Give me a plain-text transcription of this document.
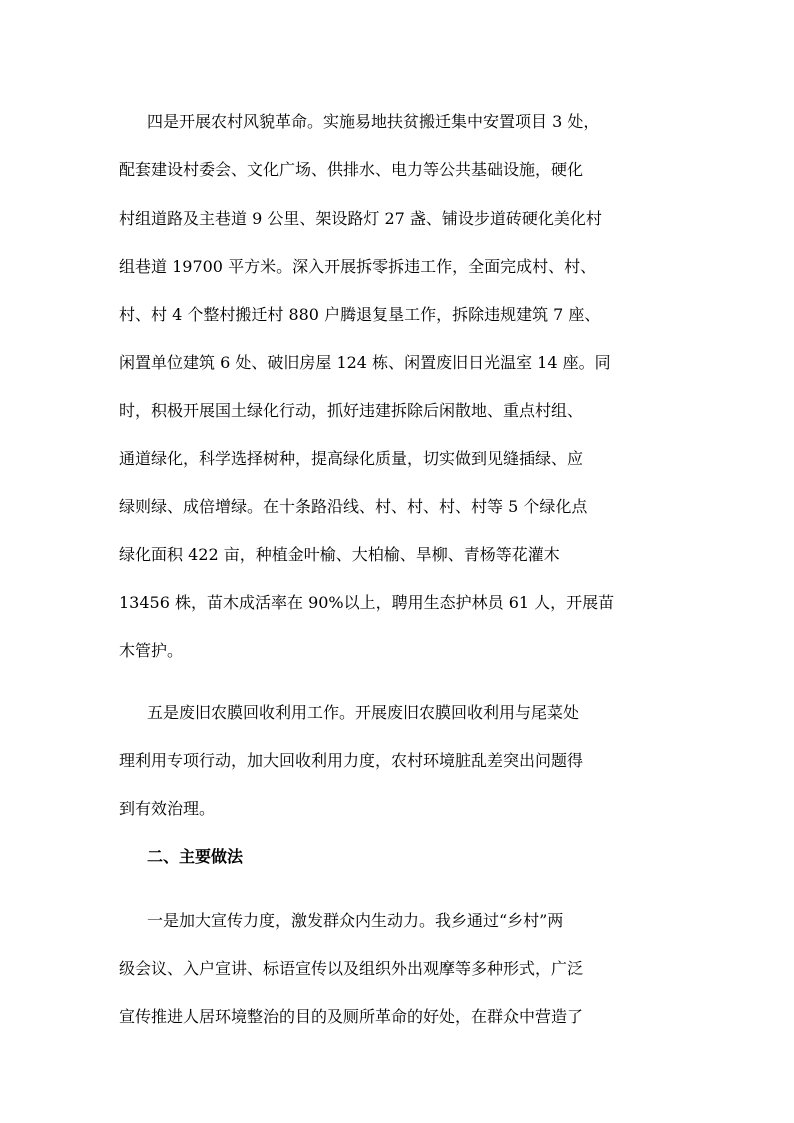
四是开展农村风貌革命。实施易地扶贫搬迁集中安置项目 3 处，

配套建设村委会、文化广场、供排水、电力等公共基础设施，硬化

村组道路及主巷道 9 公里、架设路灯 27 盏、铺设步道砖硬化美化村

组巷道 19700 平方米。深入开展拆零拆违工作，全面完成村、村、

村、村 4 个整村搬迁村 880 户腾退复垦工作，拆除违规建筑 7 座、

闲置单位建筑 6 处、破旧房屋 124 栋、闲置废旧日光温室 14 座。同

时，积极开展国土绿化行动，抓好违建拆除后闲散地、重点村组、

通道绿化，科学选择树种，提高绿化质量，切实做到见缝插绿、应

绿则绿、成倍增绿。在十条路沿线、村、村、村、村等 5 个绿化点

绿化面积 422 亩，种植金叶榆、大柏榆、旱柳、青杨等花灌木

13456 株，苗木成活率在 90%以上，聘用生态护林员 61 人，开展苗

木管护。

五是废旧农膜回收利用工作。开展废旧农膜回收利用与尾菜处

理利用专项行动，加大回收利用力度，农村环境脏乱差突出问题得

到有效治理。

二、主要做法

一是加大宣传力度，激发群众内生动力。我乡通过“乡村”两

级会议、入户宣讲、标语宣传以及组织外出观摩等多种形式，广泛

宣传推进人居环境整治的目的及厕所革命的好处，在群众中营造了
